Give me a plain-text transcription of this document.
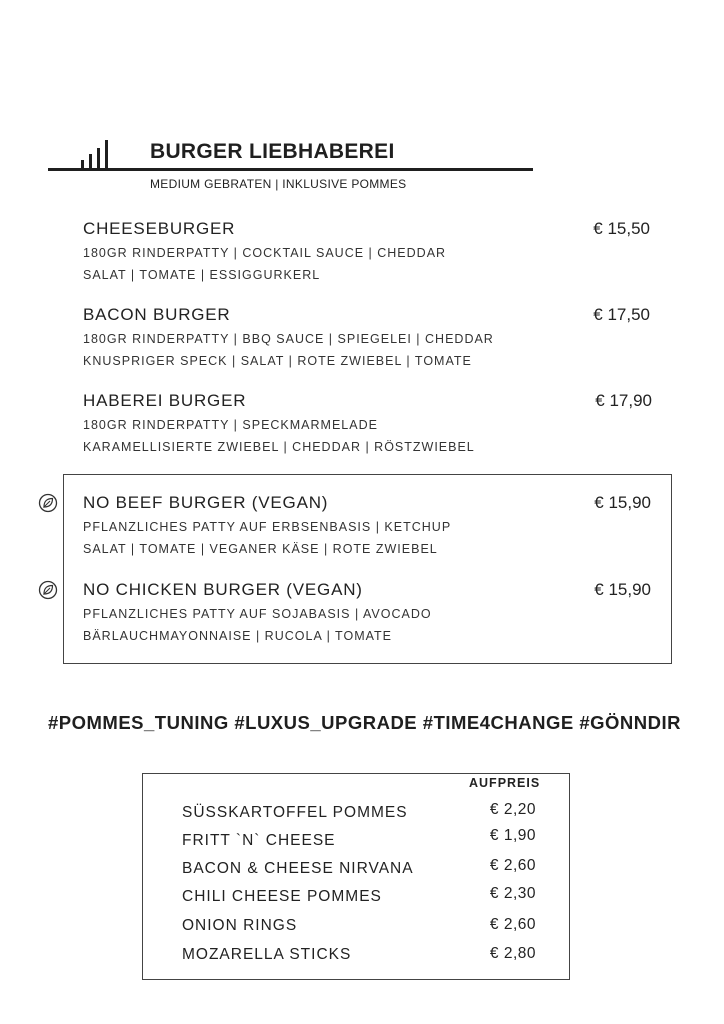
BURGER LIEBHABEREI
MEDIUM GEBRATEN | INKLUSIVE POMMES
CHEESEBURGER	€ 15,50
180GR RINDERPATTY | COCKTAIL SAUCE | CHEDDAR
SALAT | TOMATE | ESSIGGURKERL
BACON BURGER	€ 17,50
180GR RINDERPATTY | BBQ SAUCE | SPIEGELEI | CHEDDAR
KNUSPRIGER SPECK | SALAT | ROTE ZWIEBEL | TOMATE
HABEREI BURGER	€ 17,90
180GR RINDERPATTY | SPECKMARMELADE
KARAMELLISIERTE ZWIEBEL | CHEDDAR | RÖSTZWIEBEL
NO BEEF BURGER (VEGAN)	€ 15,90
PFLANZLICHES PATTY AUF ERBSENBASIS | KETCHUP
SALAT | TOMATE | VEGANER KÄSE | ROTE ZWIEBEL
NO CHICKEN BURGER (VEGAN)	€ 15,90
PFLANZLICHES PATTY AUF SOJABASIS | AVOCADO
BÄRLAUCHMAYONNAISE | RUCOLA | TOMATE
#POMMES_TUNING #LUXUS_UPGRADE #TIME4CHANGE #GÖNNDIR
AUFPREIS
SÜSSKARTOFFEL POMMES	€ 2,20
FRITT `N` CHEESE	€ 1,90
BACON & CHEESE NIRVANA	€ 2,60
CHILI CHEESE POMMES	€ 2,30
ONION RINGS	€ 2,60
MOZARELLA STICKS	€ 2,80
